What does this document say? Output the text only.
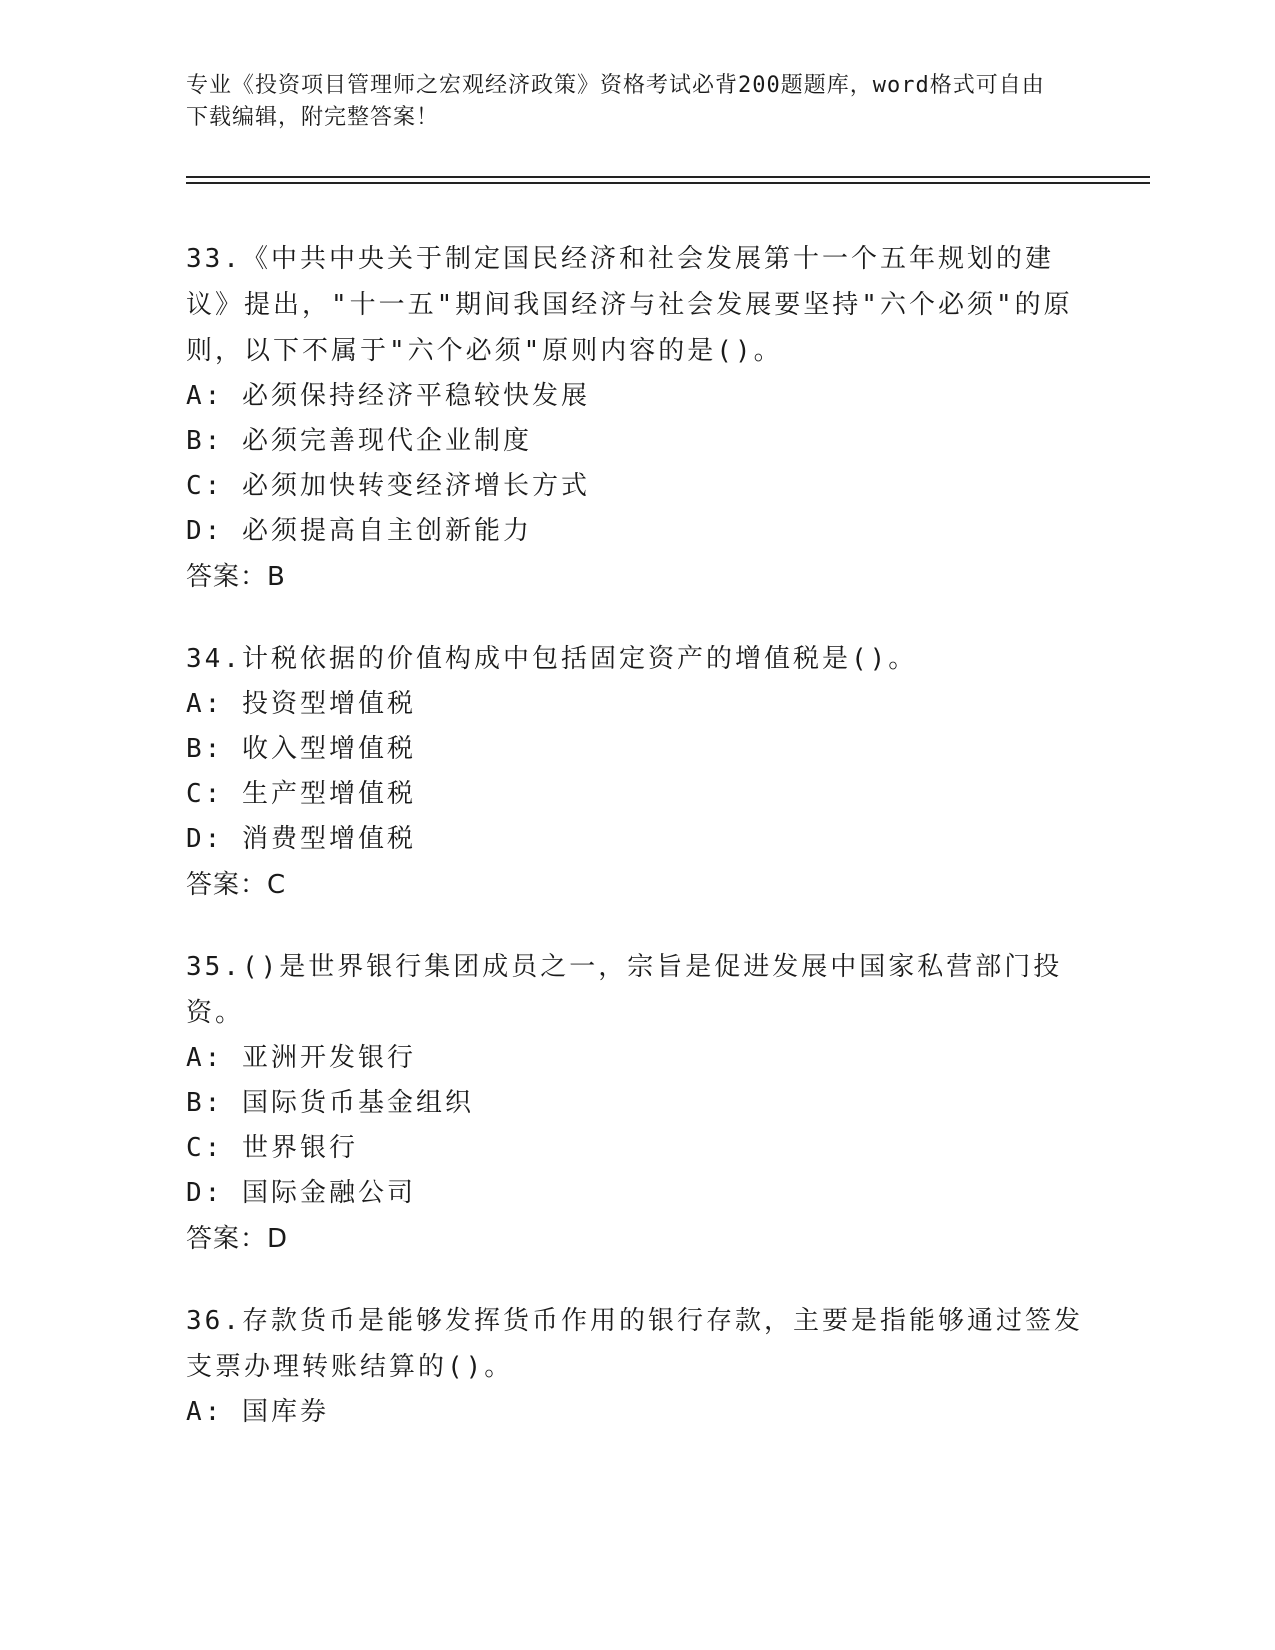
专业《投资项目管理师之宏观经济政策》资格考试必背200题题库，word格式可自由下载编辑，附完整答案！
33.《中共中央关于制定国民经济和社会发展第十一个五年规划的建议》提出，"十一五"期间我国经济与社会发展要坚持"六个必须"的原则，以下不属于"六个必须"原则内容的是()。
A: 必须保持经济平稳较快发展
B: 必须完善现代企业制度
C: 必须加快转变经济增长方式
D: 必须提高自主创新能力
答案：B
34.计税依据的价值构成中包括固定资产的增值税是()。
A: 投资型增值税
B: 收入型增值税
C: 生产型增值税
D: 消费型增值税
答案：C
35.()是世界银行集团成员之一，宗旨是促进发展中国家私营部门投资。
A: 亚洲开发银行
B: 国际货币基金组织
C: 世界银行
D: 国际金融公司
答案：D
36.存款货币是能够发挥货币作用的银行存款，主要是指能够通过签发支票办理转账结算的()。
A: 国库券
